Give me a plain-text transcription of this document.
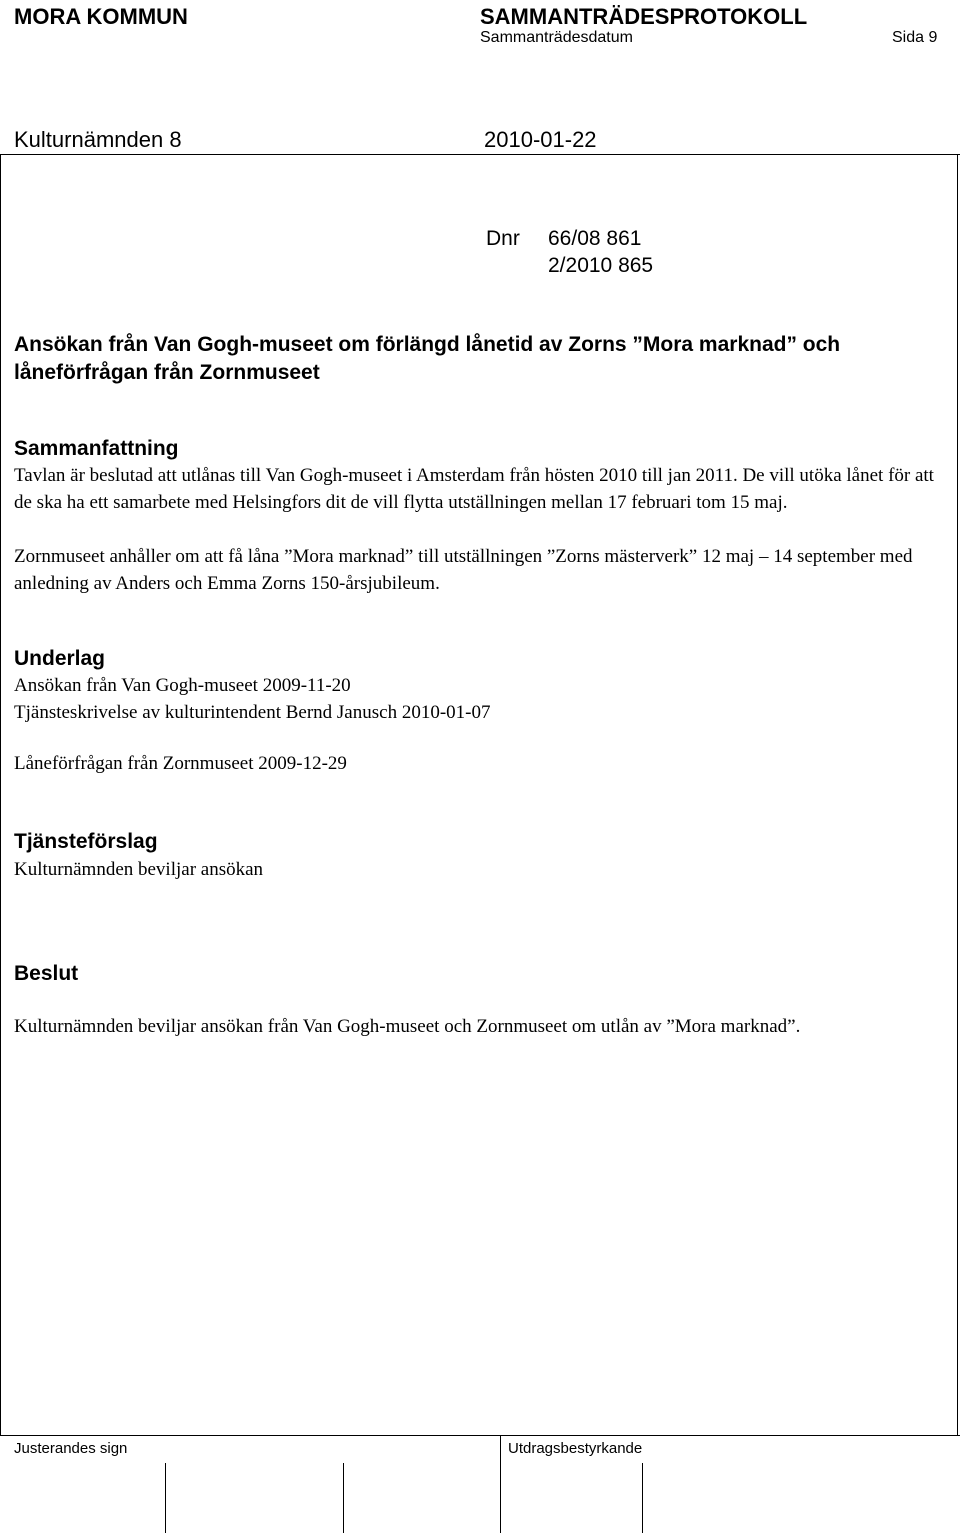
MORA KOMMUN	SAMMANTRÄDESPROTOKOLL
Sammanträdesdatum	Sida 9
Kulturnämnden 8	2010-01-22
Dnr 66/08 861
2/2010 865
Ansökan från Van Gogh-museet om förlängd lånetid av Zorns ”Mora marknad” och låneförfrågan från Zornmuseet
Sammanfattning
Tavlan är beslutad att utlånas till Van Gogh-museet i Amsterdam från hösten 2010 till jan 2011. De vill utöka lånet för att de ska ha ett samarbete med Helsingfors dit de vill flytta utställningen mellan 17 februari tom 15 maj.
Zornmuseet anhåller om att få låna ”Mora marknad” till utställningen ”Zorns mästerverk” 12 maj – 14 september med anledning av Anders och Emma Zorns 150-årsjubileum.
Underlag
Ansökan från Van Gogh-museet 2009-11-20
Tjänsteskrivelse av kulturintendent Bernd Janusch 2010-01-07
Låneförfrågan från Zornmuseet 2009-12-29
Tjänsteförslag
Kulturnämnden beviljar ansökan
Beslut
Kulturnämnden beviljar ansökan från Van Gogh-museet och Zornmuseet om utlån av ”Mora marknad”.
Justerandes sign	Utdragsbestyrkande
